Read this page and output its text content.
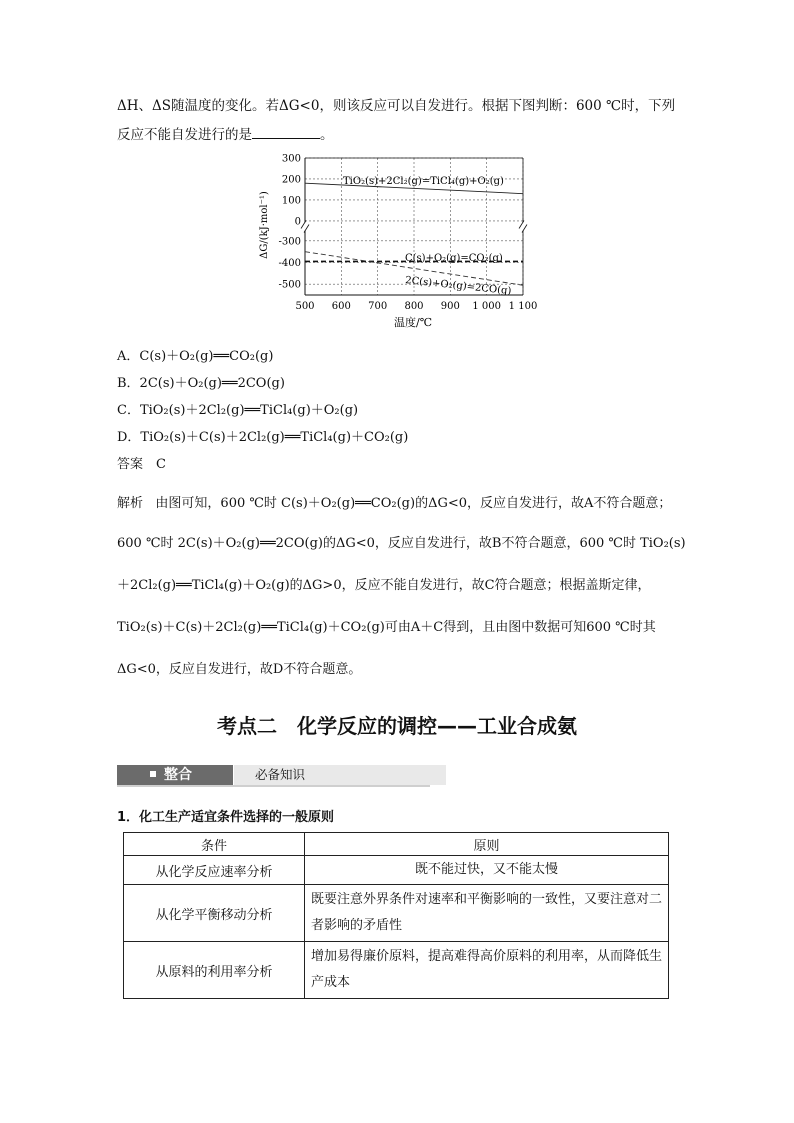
ΔH、ΔS随温度的变化。若ΔG<0，则该反应可以自发进行。根据下图判断：600 ℃时，下列
反应不能自发进行的是	。
500 600 700 800 900 1 000 1 100
300
200
100
0
-300
-400
-500
ΔG/(kJ·mol⁻¹)
温度/℃
TiO₂(s)+2Cl₂(g)=TiCl₄(g)+O₂(g)
C(s)+O₂(g)=CO₂(g)
2C(s)+O₂(g)=2CO(g)
A．C(s)＋O₂(g)══CO₂(g)
B．2C(s)＋O₂(g)══2CO(g)
C．TiO₂(s)＋2Cl₂(g)══TiCl₄(g)＋O₂(g)
D．TiO₂(s)＋C(s)＋2Cl₂(g)══TiCl₄(g)＋CO₂(g)
答案　C
解析 由图可知，600 ℃时 C(s)＋O₂(g)══CO₂(g)的ΔG<0，反应自发进行，故A不符合题意；
600 ℃时 2C(s)＋O₂(g)══2CO(g)的ΔG<0，反应自发进行，故B不符合题意，600 ℃时 TiO₂(s)
＋2Cl₂(g)══TiCl₄(g)＋O₂(g)的ΔG>0，反应不能自发进行，故C符合题意；根据盖斯定律，
TiO₂(s)＋C(s)＋2Cl₂(g)══TiCl₄(g)＋CO₂(g)可由A＋C得到，且由图中数据可知600 ℃时其
ΔG<0，反应自发进行，故D不符合题意。
考点二　化学反应的调控——工业合成氨
整合	必备知识
1．化工生产适宜条件选择的一般原则
条件	原则
从化学反应速率分析	既不能过快，又不能太慢
从化学平衡移动分析	既要注意外界条件对速率和平衡影响的一致性，又要注意对二者影响的矛盾性
从原料的利用率分析	增加易得廉价原料，提高难得高价原料的利用率，从而降低生产成本
